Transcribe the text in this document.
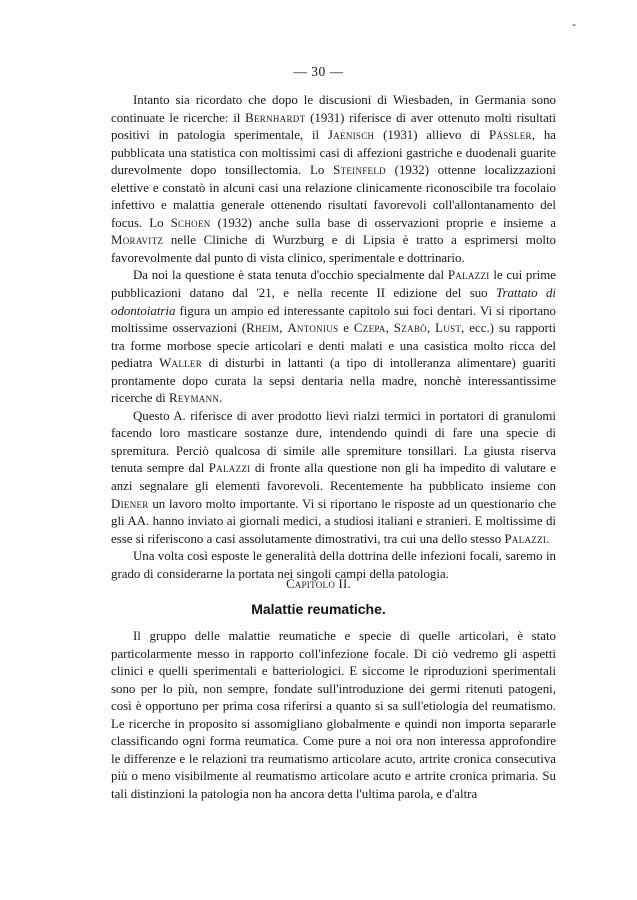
-
— 30 —

Intanto sia ricordato che dopo le discusioni di Wiesbaden, in Germania sono continuate le ricerche: il Bernhardt (1931) riferisce di aver ottenuto molti risultati positivi in patologia sperimentale, il Jaenisch (1931) allievo di Pässler, ha pubblicata una statistica con moltissimi casi di affezioni gastriche e duodenali guarite durevolmente dopo tonsillectomia. Lo Steinfeld (1932) ottenne localizzazioni elettive e constatò in alcuni casi una relazione clinicamente riconoscibile tra focolaio infettivo e malattia generale ottenendo risultati favorevoli coll'allontanamento del focus. Lo Schoen (1932) anche sulla base di osservazioni proprie e insieme a Moravitz nelle Cliniche di Wurzburg e di Lipsia è tratto a esprimersi molto favorevolmente dal punto di vista clinico, sperimentale e dottrinario.

Da noi la questione è stata tenuta d'occhio specialmente dal Palazzi le cui prime pubblicazioni datano dal '21, e nella recente II edizione del suo Trattato di odontoiatria figura un ampio ed interessante capitolo sui foci dentari. Vi si riportano moltissime osservazioni (Rheim, Antonius e Czepa, Szabò, Lust, ecc.) su rapporti tra forme morbose specie articolari e denti malati e una casistica molto ricca del pediatra Waller di disturbi in lattanti (a tipo di intolleranza alimentare) guariti prontamente dopo curata la sepsi dentaria nella madre, nonchè interessantissime ricerche di Reymann.

Questo A. riferisce di aver prodotto lievi rialzi termici in portatori di granulomi facendo loro masticare sostanze dure, intendendo quindi di fare una specie di spremitura. Perciò qualcosa di simile alle spremiture tonsillari. La giusta riserva tenuta sempre dal Palazzi di fronte alla questione non gli ha impedito di valutare e anzi segnalare gli elementi favorevoli. Recentemente ha pubblicato insieme con Diener un lavoro molto importante. Vi si riportano le risposte ad un questionario che gli AA. hanno inviato ai giornali medici, a studiosi italiani e stranieri. E moltissime di esse si riferiscono a casi assolutamente dimostrativi, tra cui una dello stesso Palazzi.

Una volta così esposte le generalità della dottrina delle infezioni focali, saremo in grado di considerarne la portata nei singoli campi della patologia.

Capitolo II.
Malattie reumatiche.

Il gruppo delle malattie reumatiche e specie di quelle articolari, è stato particolarmente messo in rapporto coll'infezione focale. Di ciò vedremo gli aspetti clinici e quelli sperimentali e batteriologici. E siccome le riproduzioni sperimentali sono per lo più, non sempre, fondate sull'introduzione dei germi ritenuti patogeni, così è opportuno per prima cosa riferirsi a quanto si sa sull'etiologia del reumatismo. Le ricerche in proposito si assomigliano globalmente e quindi non importa separarle classificando ogni forma reumatica. Come pure a noi ora non interessa approfondire le differenze e le relazioni tra reumatismo articolare acuto, artrite cronica consecutiva più o meno visibilmente al reumatismo articolare acuto e artrite cronica primaria. Su tali distinzioni la patologia non ha ancora detta l'ultima parola, e d'altra
